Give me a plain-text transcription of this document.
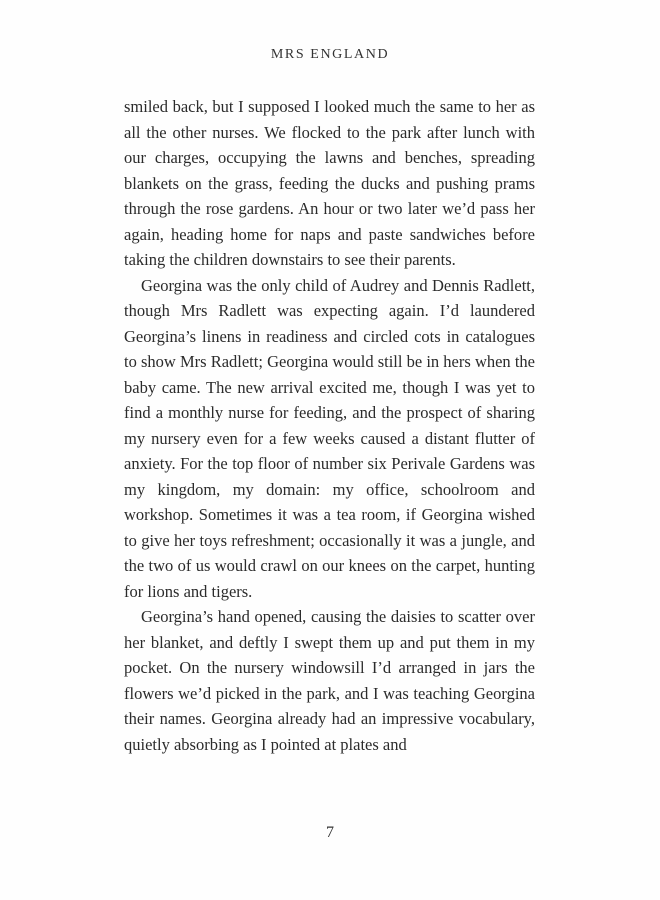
MRS ENGLAND

smiled back, but I supposed I looked much the same to her as all the other nurses. We flocked to the park after lunch with our charges, occupying the lawns and benches, spreading blankets on the grass, feeding the ducks and pushing prams through the rose gardens. An hour or two later we’d pass her again, heading home for naps and paste sandwiches before taking the children downstairs to see their parents.

Georgina was the only child of Audrey and Dennis Radlett, though Mrs Radlett was expecting again. I’d laundered Georgina’s linens in readiness and circled cots in catalogues to show Mrs Radlett; Georgina would still be in hers when the baby came. The new arrival excited me, though I was yet to find a monthly nurse for feeding, and the prospect of sharing my nursery even for a few weeks caused a distant flutter of anxiety. For the top floor of number six Perivale Gardens was my kingdom, my domain: my office, schoolroom and workshop. Sometimes it was a tea room, if Georgina wished to give her toys refreshment; occasionally it was a jungle, and the two of us would crawl on our knees on the carpet, hunting for lions and tigers.

Georgina’s hand opened, causing the daisies to scatter over her blanket, and deftly I swept them up and put them in my pocket. On the nursery windowsill I’d arranged in jars the flowers we’d picked in the park, and I was teaching Georgina their names. Georgina already had an impressive vocabulary, quietly absorbing as I pointed at plates and

7
